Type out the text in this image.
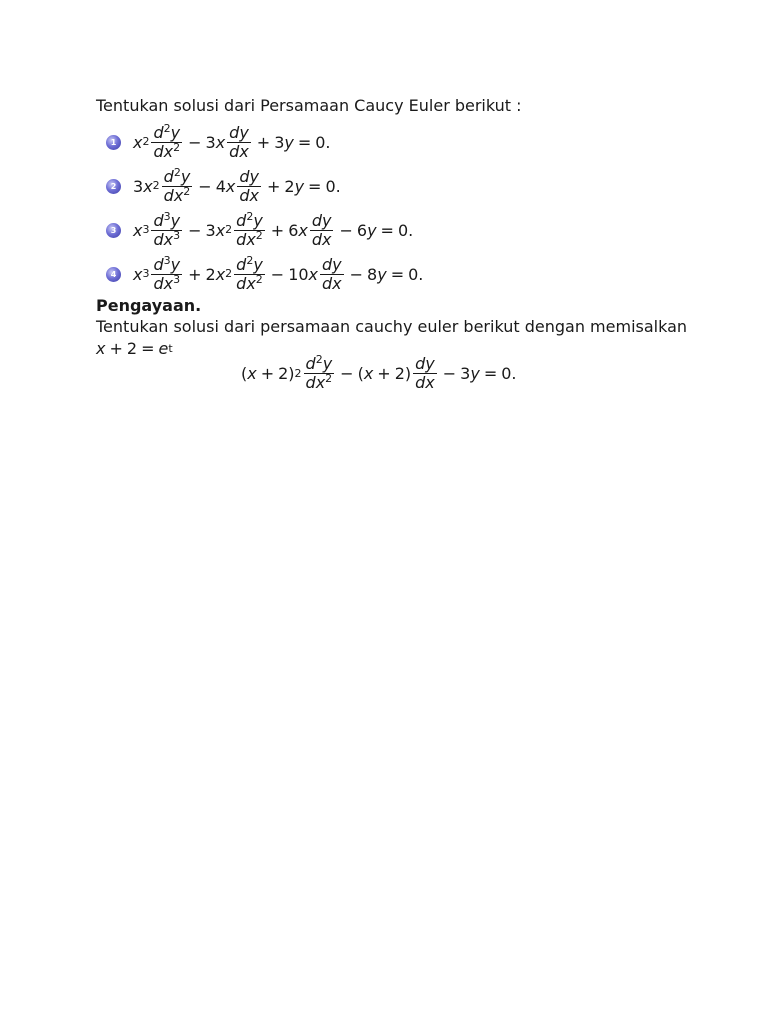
Tentukan solusi dari Persamaan Caucy Euler berikut :
1 x $2 \frac{d^2y}{dx^2} - 3$ x $\frac{dy}{dx} + 3$ y = 0.
2 3 x $2 \frac{d^2y}{dx^2} - 4$ x $\frac{dy}{dx} + 2$ y = 0.
3 x $3 \frac{d^3y}{dx^3} - 3$ x $2 \frac{d^2y}{dx^2} + 6$ x $\frac{dy}{dx} - 6$ y = 0.
4 x $3 \frac{d^3y}{dx^3} + 2$ x $2 \frac{d^2y}{dx^2} - 10$ x $\frac{dy}{dx} - 8$ y = 0.
Pengayaan.
Tentukan solusi dari persamaan cauchy euler berikut dengan memisalkan
x + 2 = e t
( x + 2) $2 \frac{d^2y}{dx^2}$ − ( $x + 2) \frac{dy}{dx} - 3$ y = 0.
